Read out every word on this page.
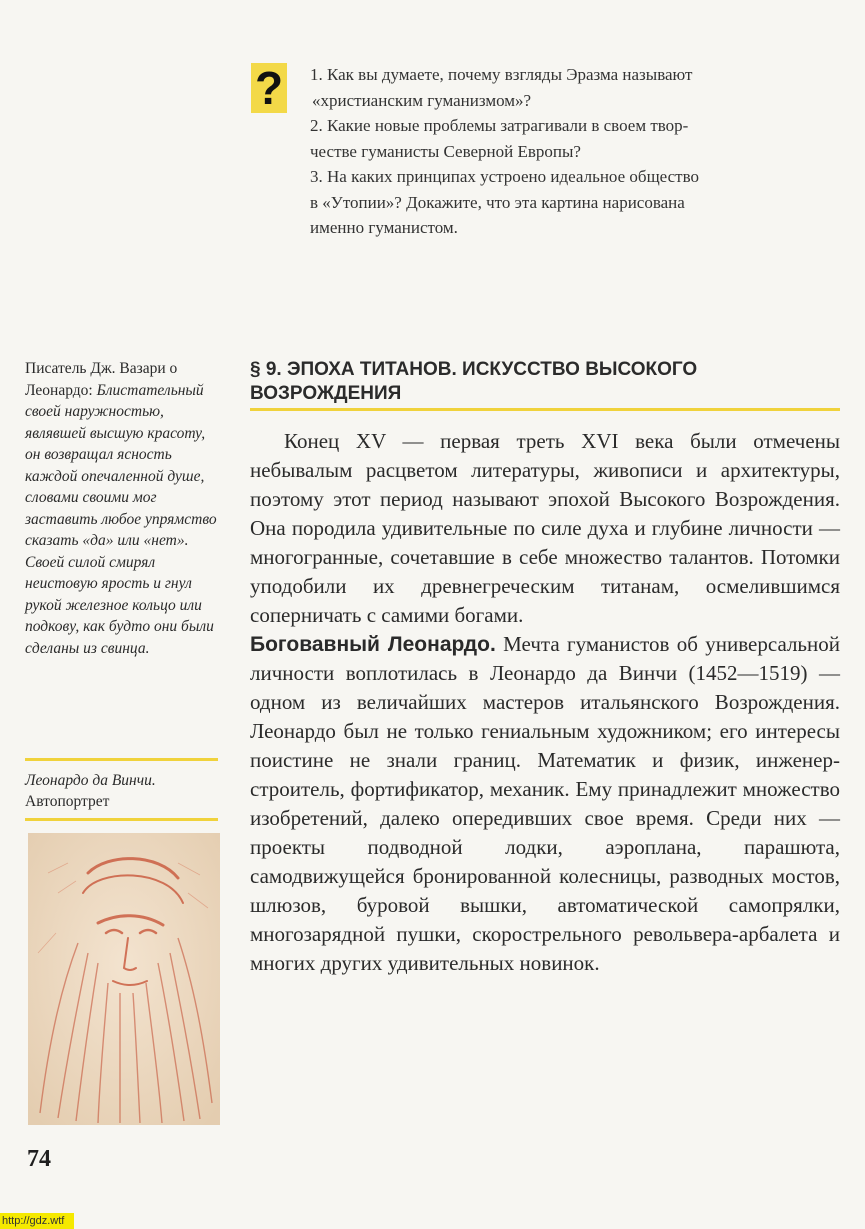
? 1. Как вы думаете, почему взгляды Эразма называют

«христианским гуманизмом»?

2. Какие новые проблемы затрагивали в своем твор-

честве гуманисты Северной Европы?

3. На каких принципах устроено идеальное общество

в «Утопии»? Докажите, что эта картина нарисована

именно гуманистом.

§ 9. ЭПОХА ТИТАНОВ. ИСКУССТВО ВЫСОКОГО
ВОЗРОЖДЕНИЯ

Конец XV — первая треть XVI века были отмечены небывалым расцветом литературы, живописи и архитектуры, поэтому этот период называют эпохой Высокого Возрождения. Она породила удивительные по силе духа и глубине личности — многогранные, сочетавшие в себе множество талантов. Потомки уподобили их древнегреческим титанам, осмелившимся соперничать с самими богами.

Боговавный Леонардо. Мечта гуманистов об универсальной личности воплотилась в Леонардо да Винчи (1452—1519) — одном из величайших мастеров итальянского Возрождения. Леонардо был не только гениальным художником; его интересы поистине не знали границ. Математик и физик, инженер-строитель, фортификатор, механик. Ему принадлежит множество изобретений, далеко опередивших свое время. Среди них — проекты подводной лодки, аэроплана, парашюта, самодвижущейся бронированной колесницы, разводных мостов, шлюзов, буровой вышки, автоматической самопрялки, многозарядной пушки, скорострельного револьвера-арбалета и многих других удивительных новинок.

Писатель Дж. Вазари о Леонардо: Блистательный своей наружностью, являвшей высшую красоту, он возвращал ясность каждой опечаленной душе, словами своими мог заставить любое упрямство сказать «да» или «нет». Своей силой смирял неистовую ярость и гнул рукой железное кольцо или подкову, как будто они были сделаны из свинца.
Леонардо да Винчи.
Автопортрет
74
http://gdz.wtf
